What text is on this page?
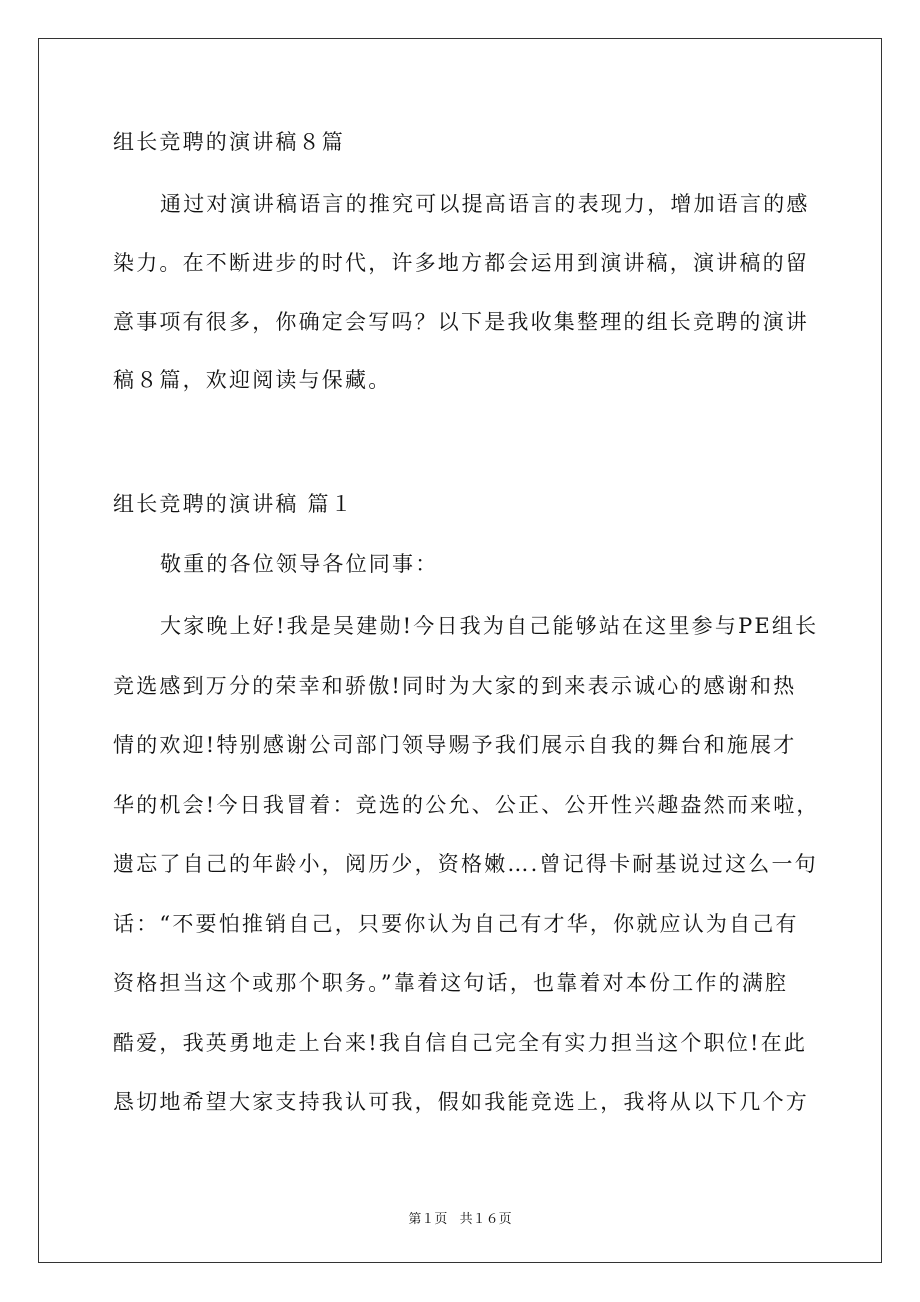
组长竞聘的演讲稿８篇
通过对演讲稿语言的推究可以提高语言的表现力，增加语言的感
染力。在不断进步的时代，许多地方都会运用到演讲稿，演讲稿的留
意事项有很多，你确定会写吗？以下是我收集整理的组长竞聘的演讲
稿８篇，欢迎阅读与保藏。
组长竞聘的演讲稿 篇１
敬重的各位领导各位同事：
大家晚上好!我是吴建勋!今日我为自己能够站在这里参与PE组长
竞选感到万分的荣幸和骄傲!同时为大家的到来表示诚心的感谢和热
情的欢迎!特别感谢公司部门领导赐予我们展示自我的舞台和施展才
华的机会!今日我冒着：竞选的公允、公正、公开性兴趣盎然而来啦，
遗忘了自己的年龄小，阅历少，资格嫩….曾记得卡耐基说过这么一句
话：“不要怕推销自己，只要你认为自己有才华，你就应认为自己有
资格担当这个或那个职务。”靠着这句话，也靠着对本份工作的满腔
酷爱，我英勇地走上台来!我自信自己完全有实力担当这个职位!在此
恳切地希望大家支持我认可我，假如我能竞选上，我将从以下几个方
第１页 共１６页
